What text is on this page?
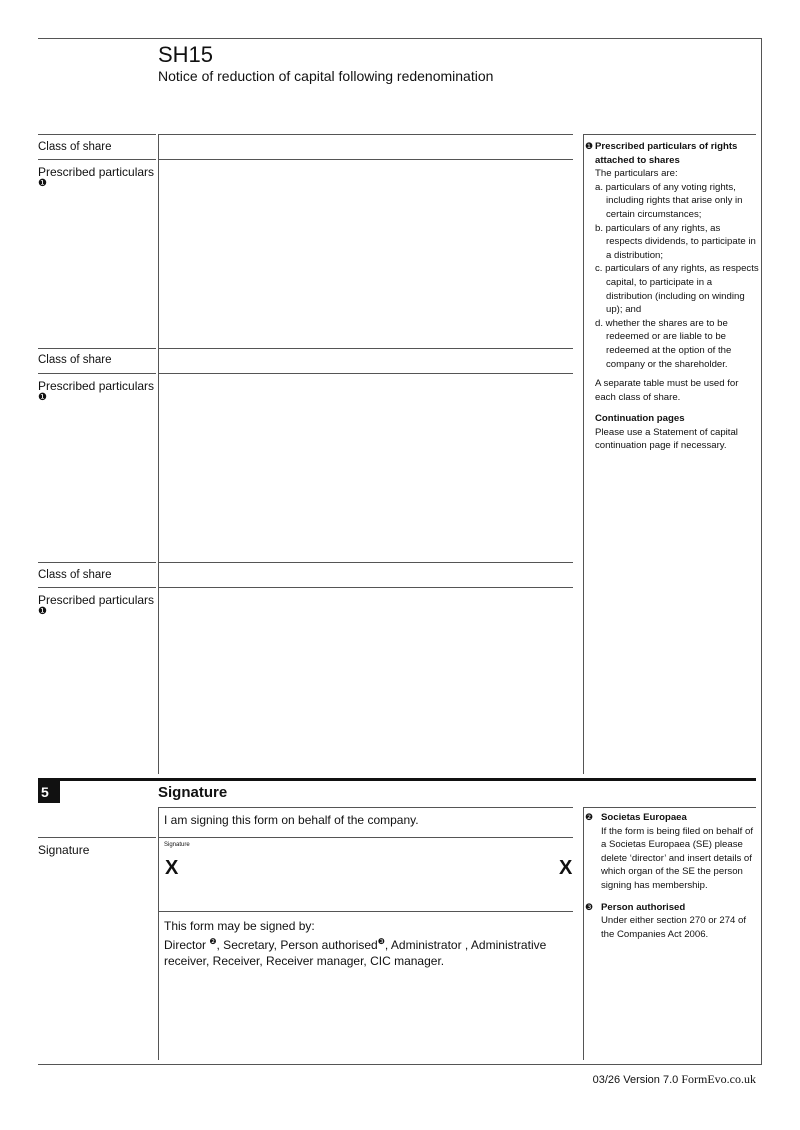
SH15
Notice of reduction of capital following redenomination
Class of share
Prescribed particulars
❶
Class of share
Prescribed particulars
❶
Class of share
Prescribed particulars
❶
❶ Prescribed particulars of rights attached to shares
The particulars are:
a. particulars of any voting rights, including rights that arise only in certain circumstances;
b. particulars of any rights, as respects dividends, to participate in a distribution;
c. particulars of any rights, as respects capital, to participate in a distribution (including on winding up); and
d. whether the shares are to be redeemed or are liable to be redeemed at the option of the company or the shareholder.
A separate table must be used for each class of share.
Continuation pages
Please use a Statement of capital continuation page if necessary.
5	Signature
I am signing this form on behalf of the company.
Signature	Signature
X	X
This form may be signed by:
Director $^❷$, Secretary, Person authorised$^❸$, Administrator , Administrative receiver, Receiver, Receiver manager, CIC manager.
❷ Societas Europaea
If the form is being filed on behalf of a Societas Europaea (SE) please delete ‘director’ and insert details of which organ of the SE the person signing has membership.
❸ Person authorised
Under either section 270 or 274 of the Companies Act 2006.
03/26 Version 7.0 FormEvo.co.uk
